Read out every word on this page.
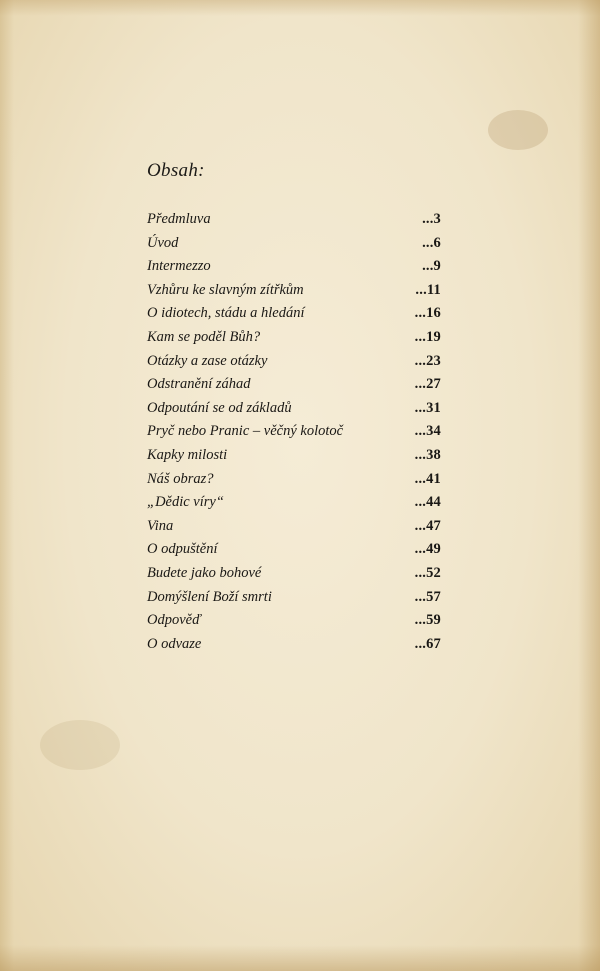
Obsah:
Předmluva	...3
Úvod	...6
Intermezzo	...9
Vzhůru ke slavným zítřkům	...11
O idiotech, stádu a hledání	...16
Kam se poděl Bůh?	...19
Otázky a zase otázky	...23
Odstranění záhad	...27
Odpoutání se od základů	...31
Pryč nebo Pranic – věčný kolotoč	...34
Kapky milosti	...38
Náš obraz?	...41
„Dědic víry“	...44
Vina	...47
O odpuštění	...49
Budete jako bohové	...52
Domýšlení Boží smrti	...57
Odpověď	...59
O odvaze	...67
